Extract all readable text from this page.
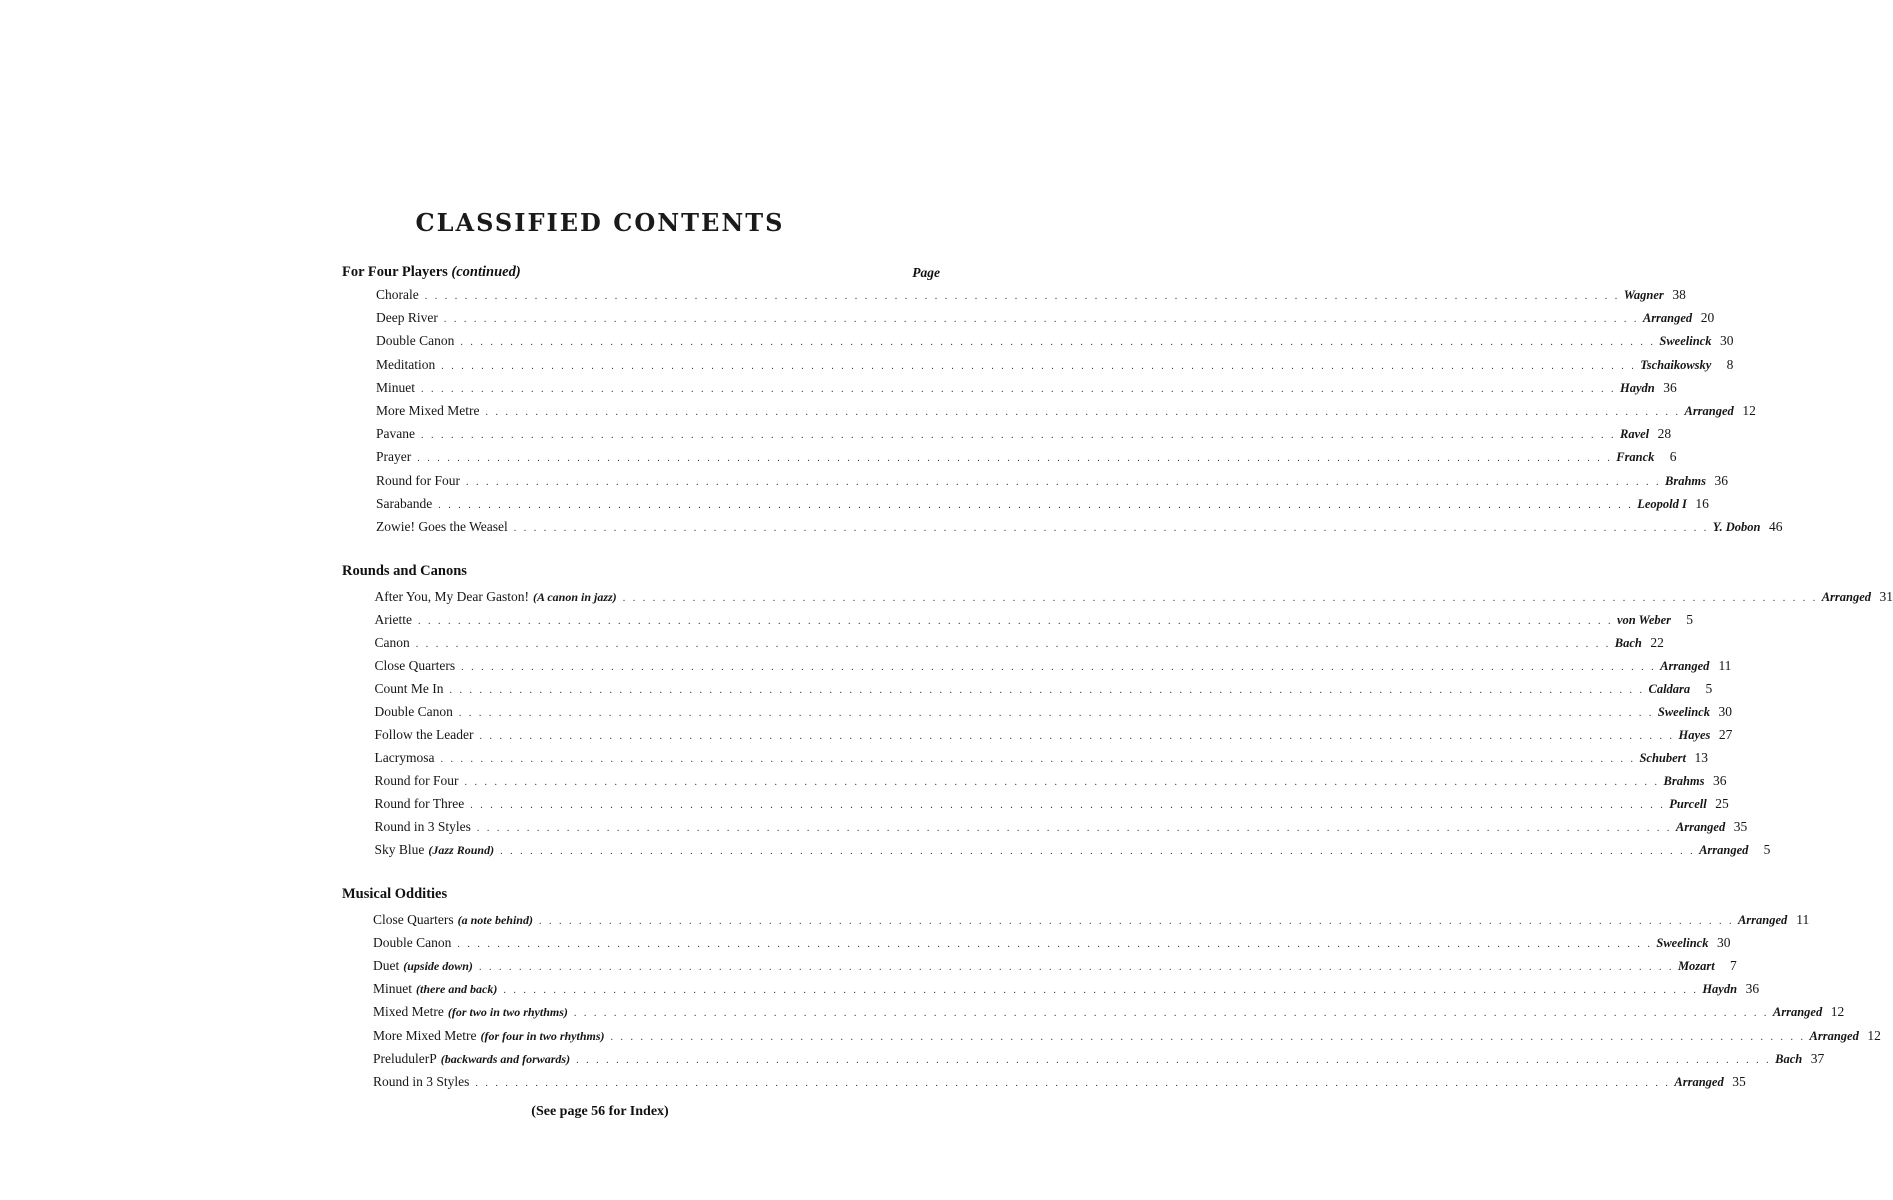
CLASSIFIED CONTENTS
For Four Players (continued)	Page
Chorale . . . . . . . . . . . . . . . . . . . . . . . . . . . . . . . . . . . . . . . . . . . . . . . . . . . . . . . . . . . . . . . . . . . . . . . . . . . . . . . . . . . . . . . . . . . . . . . . . . . . . . . . . . . . . . . . . . . . . . . . Wagner 38
Deep River . . . . . . . . . . . . . . . . . . . . . . . . . . . . . . . . . . . . . . . . . . . . . . . . . . . . . . . . . . . . . . . . . . . . . . . . . . . . . . . . . . . . . . . . . . . . . . . . . . . . . . . . . . . . . . . . . . . . . . . . Arranged 20
Double Canon . . . . . . . . . . . . . . . . . . . . . . . . . . . . . . . . . . . . . . . . . . . . . . . . . . . . . . . . . . . . . . . . . . . . . . . . . . . . . . . . . . . . . . . . . . . . . . . . . . . . . . . . . . . . . . . . . . . . . . . . Sweelinck 30
Meditation . . . . . . . . . . . . . . . . . . . . . . . . . . . . . . . . . . . . . . . . . . . . . . . . . . . . . . . . . . . . . . . . . . . . . . . . . . . . . . . . . . . . . . . . . . . . . . . . . . . . . . . . . . . . . . . . . . . . . . . . Tschaikowsky	8
Minuet . . . . . . . . . . . . . . . . . . . . . . . . . . . . . . . . . . . . . . . . . . . . . . . . . . . . . . . . . . . . . . . . . . . . . . . . . . . . . . . . . . . . . . . . . . . . . . . . . . . . . . . . . . . . . . . . . . . . . . . . Haydn 36
More Mixed Metre . . . . . . . . . . . . . . . . . . . . . . . . . . . . . . . . . . . . . . . . . . . . . . . . . . . . . . . . . . . . . . . . . . . . . . . . . . . . . . . . . . . . . . . . . . . . . . . . . . . . . . . . . . . . . . . . . . . . . . . . Arranged 12
Pavane . . . . . . . . . . . . . . . . . . . . . . . . . . . . . . . . . . . . . . . . . . . . . . . . . . . . . . . . . . . . . . . . . . . . . . . . . . . . . . . . . . . . . . . . . . . . . . . . . . . . . . . . . . . . . . . . . . . . . . . . Ravel 28
Prayer . . . . . . . . . . . . . . . . . . . . . . . . . . . . . . . . . . . . . . . . . . . . . . . . . . . . . . . . . . . . . . . . . . . . . . . . . . . . . . . . . . . . . . . . . . . . . . . . . . . . . . . . . . . . . . . . . . . . . . . . Franck	6
Round for Four . . . . . . . . . . . . . . . . . . . . . . . . . . . . . . . . . . . . . . . . . . . . . . . . . . . . . . . . . . . . . . . . . . . . . . . . . . . . . . . . . . . . . . . . . . . . . . . . . . . . . . . . . . . . . . . . . . . . . . . . Brahms 36
Sarabande . . . . . . . . . . . . . . . . . . . . . . . . . . . . . . . . . . . . . . . . . . . . . . . . . . . . . . . . . . . . . . . . . . . . . . . . . . . . . . . . . . . . . . . . . . . . . . . . . . . . . . . . . . . . . . . . . . . . . . . . Leopold I 16
Zowie! Goes the Weasel . . . . . . . . . . . . . . . . . . . . . . . . . . . . . . . . . . . . . . . . . . . . . . . . . . . . . . . . . . . . . . . . . . . . . . . . . . . . . . . . . . . . . . . . . . . . . . . . . . . . . . . . . . . . . . . . . . . . . . . . Y. Dobon 46
Rounds and Canons
After You, My Dear Gaston! (A canon in jazz) . . . . . . . . . . . . . . . . . . . . . . . . . . . . . . . . . . . . . . . . . . . . . . . . . . . . . . . . . . . . . . . . . . . . . . . . . . . . . . . . . . . . . . . . . . . . . . . . . . . . . . . . . . . . . . . . . . . . . . . . Arranged 31
Ariette . . . . . . . . . . . . . . . . . . . . . . . . . . . . . . . . . . . . . . . . . . . . . . . . . . . . . . . . . . . . . . . . . . . . . . . . . . . . . . . . . . . . . . . . . . . . . . . . . . . . . . . . . . . . . . . . . . . . . . . . von Weber	5
Canon . . . . . . . . . . . . . . . . . . . . . . . . . . . . . . . . . . . . . . . . . . . . . . . . . . . . . . . . . . . . . . . . . . . . . . . . . . . . . . . . . . . . . . . . . . . . . . . . . . . . . . . . . . . . . . . . . . . . . . . . Bach 22
Close Quarters . . . . . . . . . . . . . . . . . . . . . . . . . . . . . . . . . . . . . . . . . . . . . . . . . . . . . . . . . . . . . . . . . . . . . . . . . . . . . . . . . . . . . . . . . . . . . . . . . . . . . . . . . . . . . . . . . . . . . . . . Arranged 11
Count Me In . . . . . . . . . . . . . . . . . . . . . . . . . . . . . . . . . . . . . . . . . . . . . . . . . . . . . . . . . . . . . . . . . . . . . . . . . . . . . . . . . . . . . . . . . . . . . . . . . . . . . . . . . . . . . . . . . . . . . . . . Caldara	5
Double Canon . . . . . . . . . . . . . . . . . . . . . . . . . . . . . . . . . . . . . . . . . . . . . . . . . . . . . . . . . . . . . . . . . . . . . . . . . . . . . . . . . . . . . . . . . . . . . . . . . . . . . . . . . . . . . . . . . . . . . . . . Sweelinck 30
Follow the Leader . . . . . . . . . . . . . . . . . . . . . . . . . . . . . . . . . . . . . . . . . . . . . . . . . . . . . . . . . . . . . . . . . . . . . . . . . . . . . . . . . . . . . . . . . . . . . . . . . . . . . . . . . . . . . . . . . . . . . . . . Hayes 27
Lacrymosa . . . . . . . . . . . . . . . . . . . . . . . . . . . . . . . . . . . . . . . . . . . . . . . . . . . . . . . . . . . . . . . . . . . . . . . . . . . . . . . . . . . . . . . . . . . . . . . . . . . . . . . . . . . . . . . . . . . . . . . . Schubert 13
Round for Four . . . . . . . . . . . . . . . . . . . . . . . . . . . . . . . . . . . . . . . . . . . . . . . . . . . . . . . . . . . . . . . . . . . . . . . . . . . . . . . . . . . . . . . . . . . . . . . . . . . . . . . . . . . . . . . . . . . . . . . . Brahms 36
Round for Three . . . . . . . . . . . . . . . . . . . . . . . . . . . . . . . . . . . . . . . . . . . . . . . . . . . . . . . . . . . . . . . . . . . . . . . . . . . . . . . . . . . . . . . . . . . . . . . . . . . . . . . . . . . . . . . . . . . . . . . . Purcell 25
Round in 3 Styles . . . . . . . . . . . . . . . . . . . . . . . . . . . . . . . . . . . . . . . . . . . . . . . . . . . . . . . . . . . . . . . . . . . . . . . . . . . . . . . . . . . . . . . . . . . . . . . . . . . . . . . . . . . . . . . . . . . . . . . . Arranged 35
Sky Blue (Jazz Round) . . . . . . . . . . . . . . . . . . . . . . . . . . . . . . . . . . . . . . . . . . . . . . . . . . . . . . . . . . . . . . . . . . . . . . . . . . . . . . . . . . . . . . . . . . . . . . . . . . . . . . . . . . . . . . . . . . . . . . . . Arranged	5
Musical Oddities
Close Quarters (a note behind) . . . . . . . . . . . . . . . . . . . . . . . . . . . . . . . . . . . . . . . . . . . . . . . . . . . . . . . . . . . . . . . . . . . . . . . . . . . . . . . . . . . . . . . . . . . . . . . . . . . . . . . . . . . . . . . . . . . . . . . . Arranged 11
Double Canon . . . . . . . . . . . . . . . . . . . . . . . . . . . . . . . . . . . . . . . . . . . . . . . . . . . . . . . . . . . . . . . . . . . . . . . . . . . . . . . . . . . . . . . . . . . . . . . . . . . . . . . . . . . . . . . . . . . . . . . . Sweelinck 30
Duet (upside down) . . . . . . . . . . . . . . . . . . . . . . . . . . . . . . . . . . . . . . . . . . . . . . . . . . . . . . . . . . . . . . . . . . . . . . . . . . . . . . . . . . . . . . . . . . . . . . . . . . . . . . . . . . . . . . . . . . . . . . . . Mozart	7
Minuet (there and back) . . . . . . . . . . . . . . . . . . . . . . . . . . . . . . . . . . . . . . . . . . . . . . . . . . . . . . . . . . . . . . . . . . . . . . . . . . . . . . . . . . . . . . . . . . . . . . . . . . . . . . . . . . . . . . . . . . . . . . . . Haydn 36
Mixed Metre (for two in two rhythms) . . . . . . . . . . . . . . . . . . . . . . . . . . . . . . . . . . . . . . . . . . . . . . . . . . . . . . . . . . . . . . . . . . . . . . . . . . . . . . . . . . . . . . . . . . . . . . . . . . . . . . . . . . . . . . . . . . . . . . . . Arranged 12
More Mixed Metre (for four in two rhythms) . . . . . . . . . . . . . . . . . . . . . . . . . . . . . . . . . . . . . . . . . . . . . . . . . . . . . . . . . . . . . . . . . . . . . . . . . . . . . . . . . . . . . . . . . . . . . . . . . . . . . . . . . . . . . . . . . . . . . . . . Arranged 12
PreludulerP (backwards and forwards) . . . . . . . . . . . . . . . . . . . . . . . . . . . . . . . . . . . . . . . . . . . . . . . . . . . . . . . . . . . . . . . . . . . . . . . . . . . . . . . . . . . . . . . . . . . . . . . . . . . . . . . . . . . . . . . . . . . . . . . . Bach 37
Round in 3 Styles . . . . . . . . . . . . . . . . . . . . . . . . . . . . . . . . . . . . . . . . . . . . . . . . . . . . . . . . . . . . . . . . . . . . . . . . . . . . . . . . . . . . . . . . . . . . . . . . . . . . . . . . . . . . . . . . . . . . . . . . Arranged 35
(See page 56 for Index)
